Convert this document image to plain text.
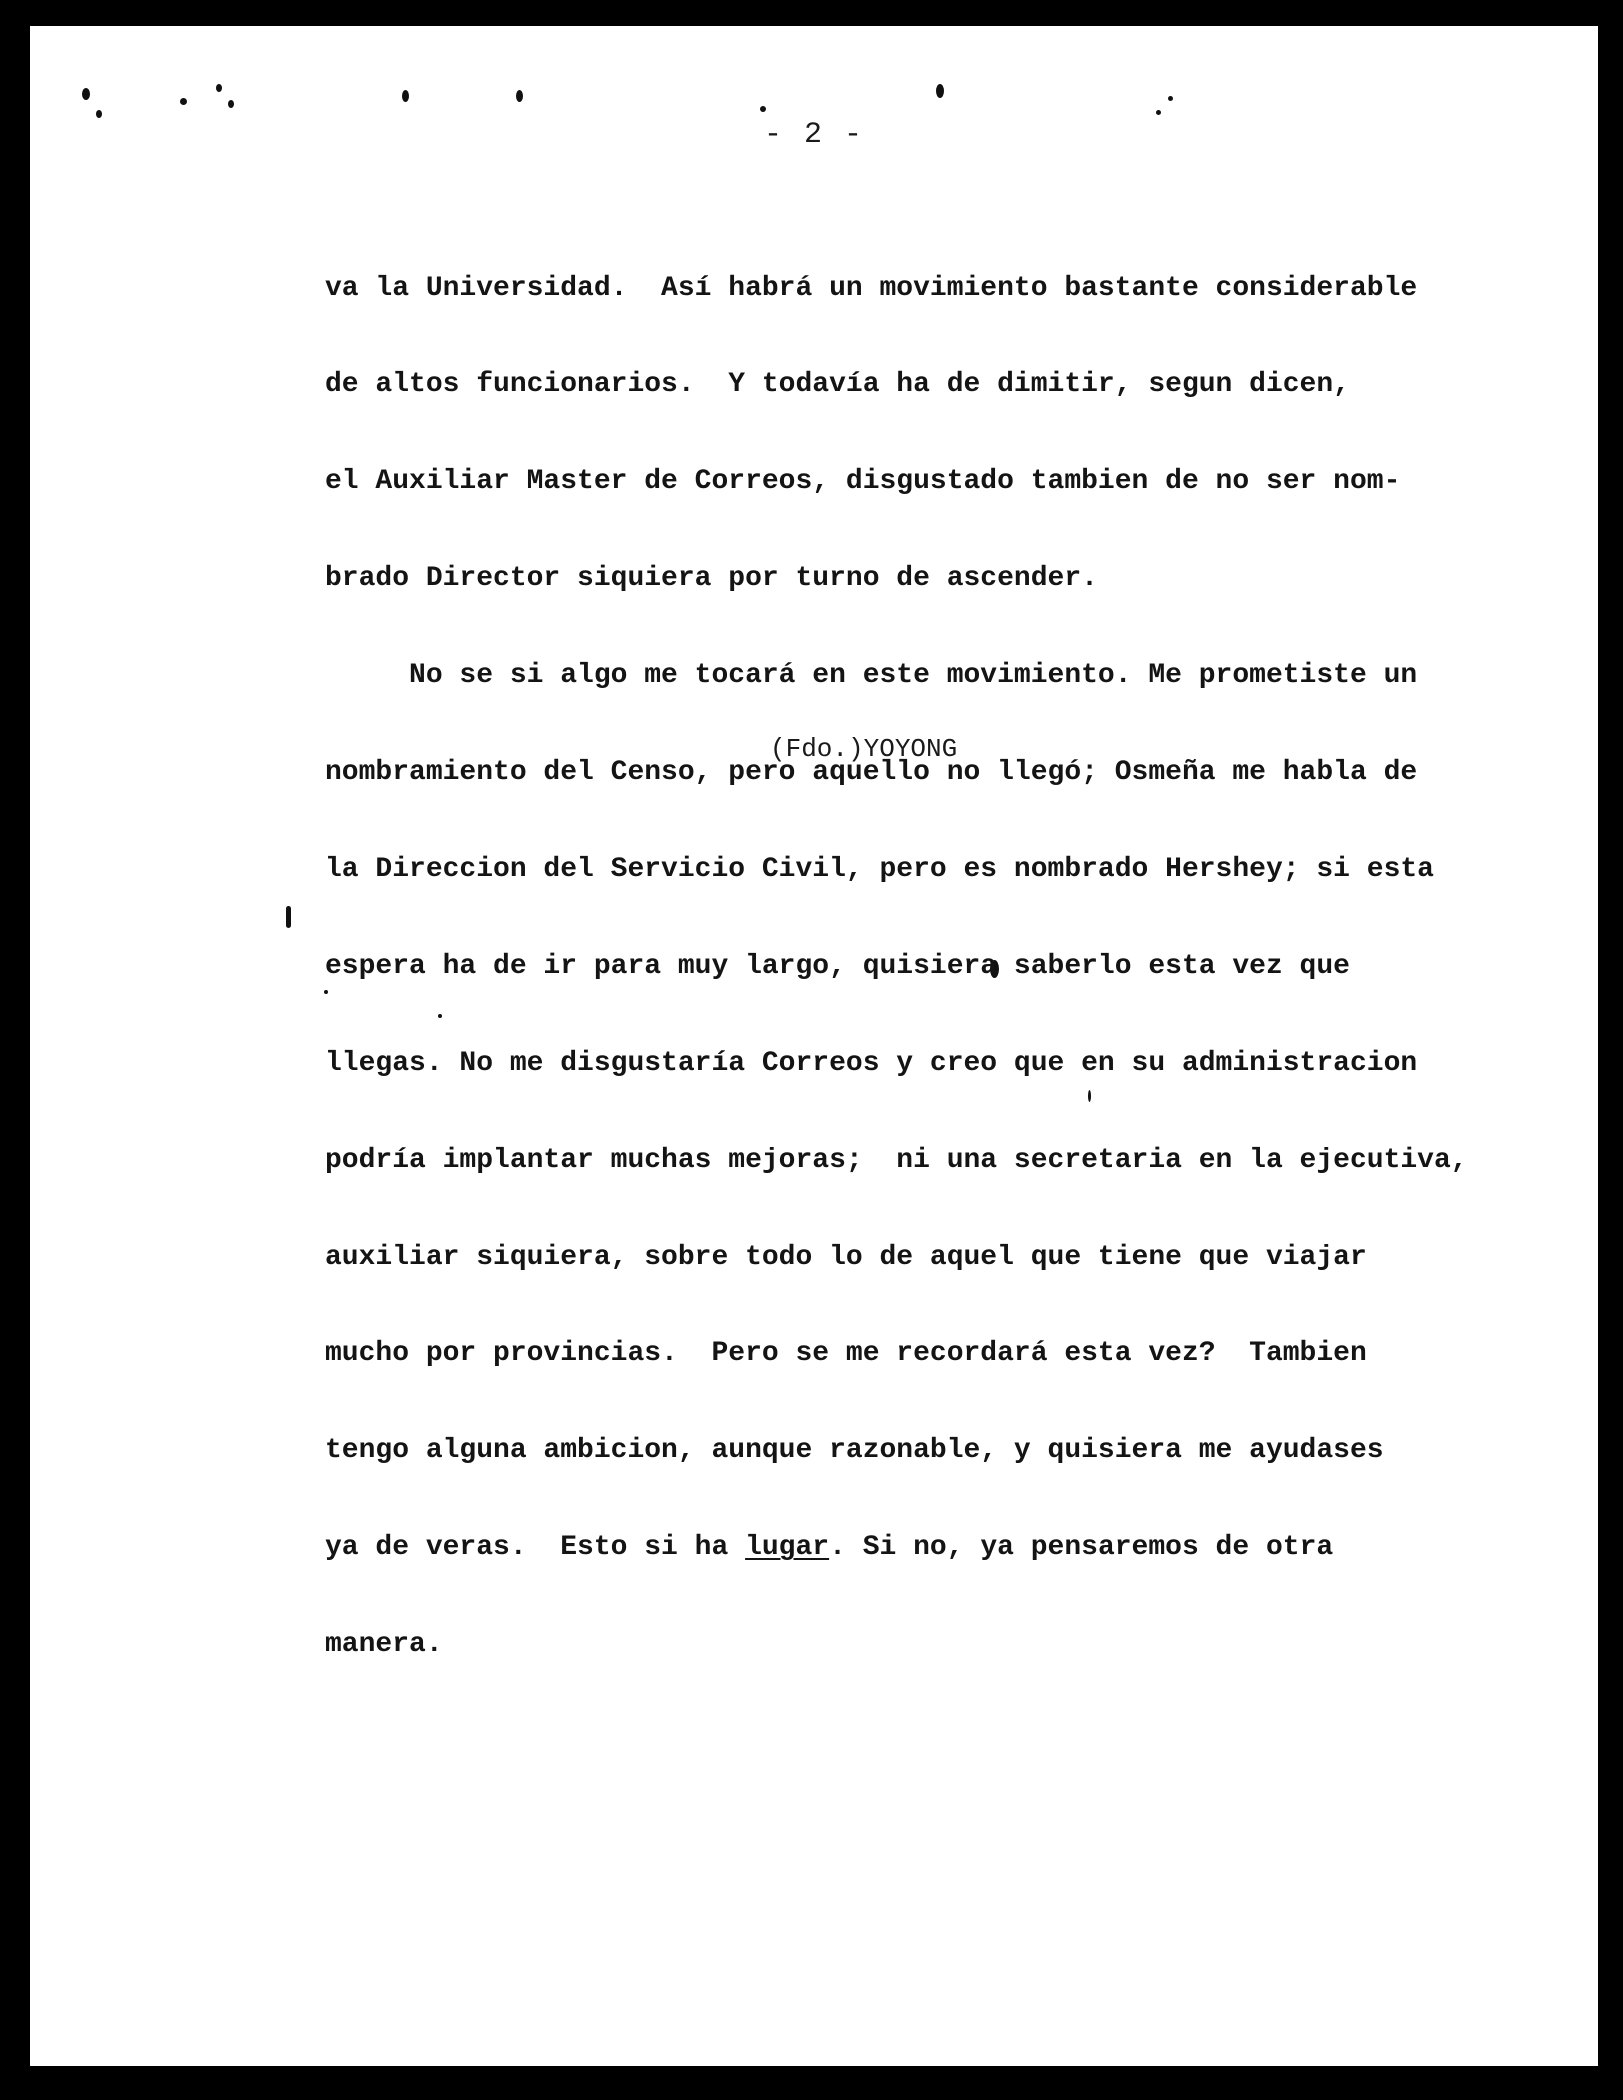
- 2 -

va la Universidad.  Así habrá un movimiento bastante considerable

de altos funcionarios.  Y todavía ha de dimitir, segun dicen,

el Auxiliar Master de Correos, disgustado tambien de no ser nom-

brado Director siquiera por turno de ascender.

No se si algo me tocará en este movimiento. Me prometiste un

nombramiento del Censo, pero aquello no llegó; Osmeña me habla de

la Direccion del Servicio Civil, pero es nombrado Hershey; si esta

espera ha de ir para muy largo, quisiera saberlo esta vez que

llegas. No me disgustaría Correos y creo que en su administracion

podría implantar muchas mejoras;  ni una secretaria en la ejecutiva,

auxiliar siquiera, sobre todo lo de aquel que tiene que viajar

mucho por provincias.  Pero se me recordará esta vez?  Tambien

tengo alguna ambicion, aunque razonable, y quisiera me ayudases

ya de veras.  Esto si ha lugar. Si no, ya pensaremos de otra

manera.

(Fdo.)YOYONG
